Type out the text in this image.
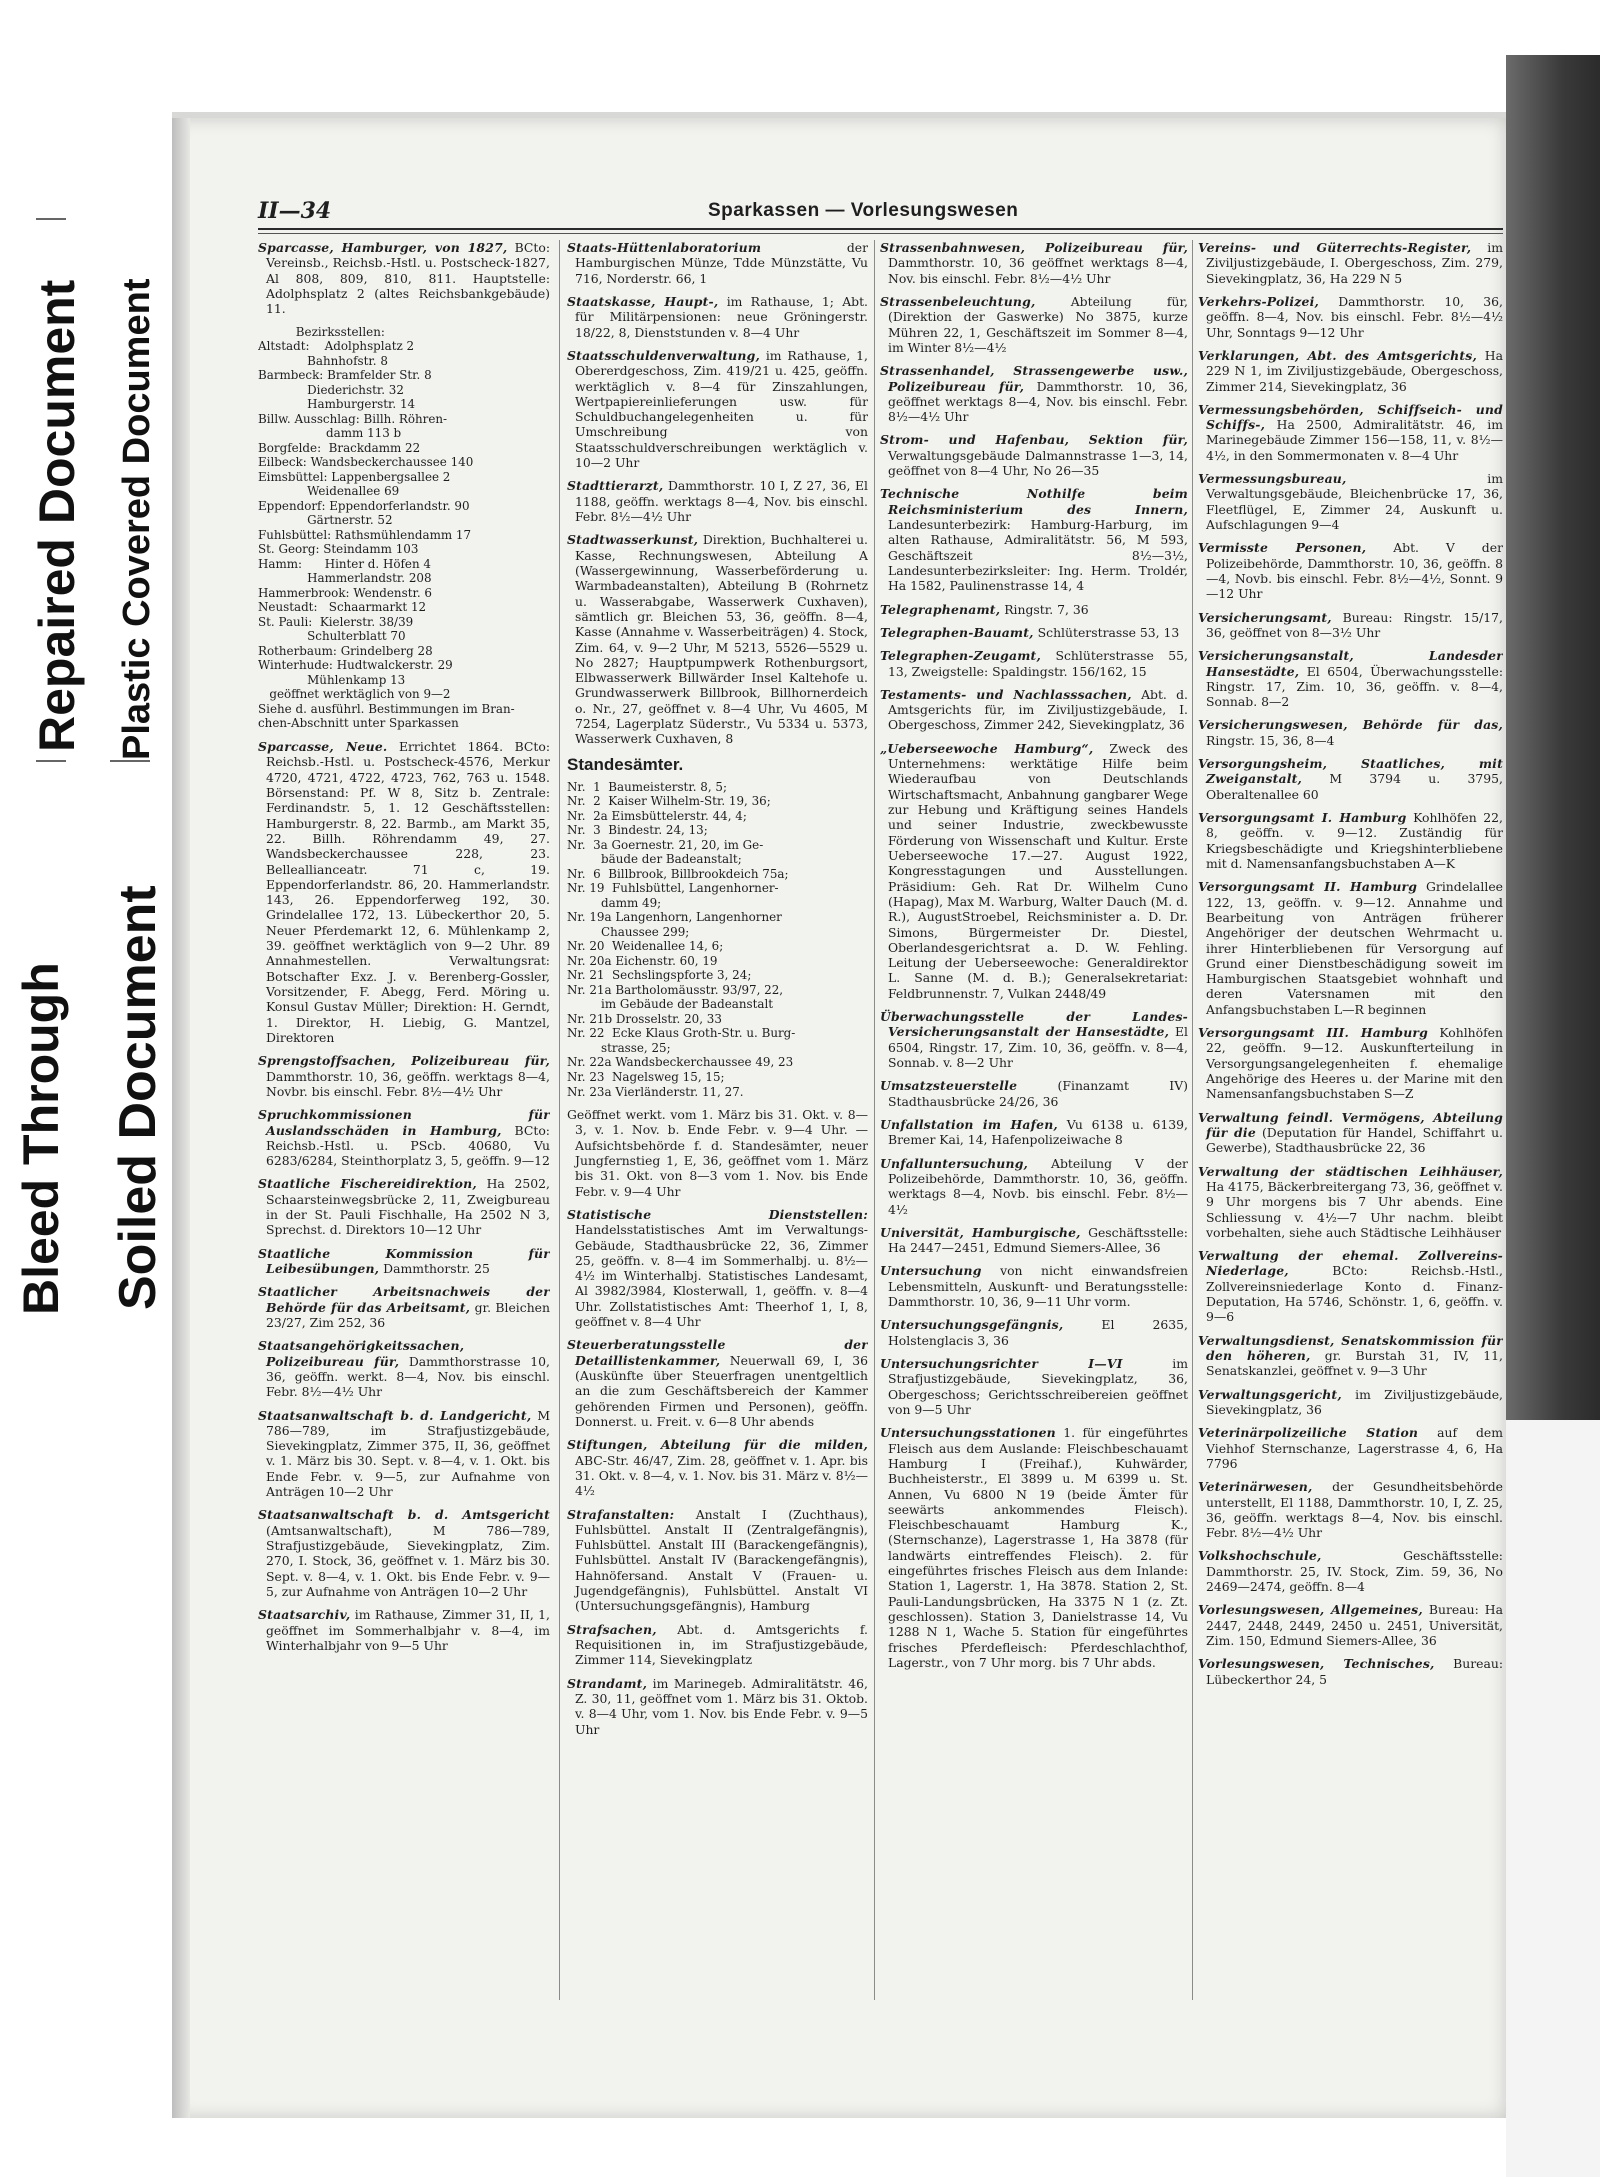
Bleed Through Soiled Document
Repaired Document Plastic Covered Document
II—34	Sparkassen — Vorlesungswesen
Sparcasse, Hamburger, von 1827, BCto: Vereinsb., Reichsb.-Hstl. u. Postscheck-1827, Al 808, 809, 810, 811. Hauptstelle: Adolphsplatz 2 (altes Reichsbankgebäude) 11.
Bezirksstellen:
Altstadt:    Adolphsplatz 2
Bahnhofstr. 8
Barmbeck: Bramfelder Str. 8
Diederichstr. 32
Hamburgerstr. 14
Billw. Ausschlag: Billh. Röhren-
damm 113 b
Borgfelde:  Brackdamm 22
Eilbeck: Wandsbeckerchaussee 140
Eimsbüttel: Lappenbergsallee 2
Weidenallee 69
Eppendorf: Eppendorferlandstr. 90
Gärtnerstr. 52
Fuhlsbüttel: Rathsmühlendamm 17
St. Georg: Steindamm 103
Hamm:      Hinter d. Höfen 4
Hammerlandstr. 208
Hammerbrook: Wendenstr. 6
Neustadt:   Schaarmarkt 12
St. Pauli:  Kielerstr. 38/39
Schulterblatt 70
Rotherbaum: Grindelberg 28
Winterhude: Hudtwalckerstr. 29
Mühlenkamp 13
geöffnet werktäglich von 9—2
Siehe d. ausführl. Bestimmungen im Bran-
chen-Abschnitt unter Sparkassen
Sparcasse, Neue. Errichtet 1864. BCto: Reichsb.-Hstl. u. Postscheck-4576, Merkur 4720, 4721, 4722, 4723, 762, 763 u. 1548. Börsenstand: Pf. W 8, Sitz b. Zentrale: Ferdinandstr. 5, 1. 12 Geschäftsstellen: Hamburgerstr. 8, 22. Barmb., am Markt 35, 22. Billh. Röhrendamm 49, 27. Wandsbeckerchaussee 228, 23. Belleallianceatr. 71 c, 19. Eppendorferlandstr. 86, 20. Hammerlandstr. 143, 26. Eppendorferweg 192, 30. Grindelallee 172, 13. Lübeckerthor 20, 5. Neuer Pferdemarkt 12, 6. Mühlenkamp 2, 39. geöffnet werktäglich von 9—2 Uhr. 89 Annahmestellen. Verwaltungsrat: Botschafter Exz. J. v. Berenberg-Gossler, Vorsitzender, F. Abegg, Ferd. Möring u. Konsul Gustav Müller; Direktion: H. Gerndt, 1. Direktor, H. Liebig, G. Mantzel, Direktoren
Sprengstoffsachen, Polizeibureau für, Dammthorstr. 10, 36, geöffn. werktags 8—4, Novbr. bis einschl. Febr. 8½—4½ Uhr
Spruchkommissionen für Auslandsschäden in Hamburg, BCto: Reichsb.-Hstl. u. PScb. 40680, Vu 6283/6284, Steinthorplatz 3, 5, geöffn. 9—12
Staatliche Fischereidirektion, Ha 2502, Schaarsteinwegsbrücke 2, 11, Zweigbureau in der St. Pauli Fischhalle, Ha 2502 N 3, Sprechst. d. Direktors 10—12 Uhr
Staatliche Kommission für Leibesübungen, Dammthorstr. 25
Staatlicher Arbeitsnachweis der Behörde für das Arbeitsamt, gr. Bleichen 23/27, Zim 252, 36
Staatsangehörigkeitssachen, Polizeibureau für, Dammthorstrasse 10, 36, geöffn. werkt. 8—4, Nov. bis einschl. Febr. 8½—4½ Uhr
Staatsanwaltschaft b. d. Landgericht, M 786—789, im Strafjustizgebäude, Sievekingplatz, Zimmer 375, II, 36, geöffnet v. 1. März bis 30. Sept. v. 8—4, v. 1. Okt. bis Ende Febr. v. 9—5, zur Aufnahme von Anträgen 10—2 Uhr
Staatsanwaltschaft b. d. Amtsgericht (Amtsanwaltschaft), M 786—789, Strafjustizgebäude, Sievekingplatz, Zim. 270, I. Stock, 36, geöffnet v. 1. März bis 30. Sept. v. 8—4, v. 1. Okt. bis Ende Febr. v. 9—5, zur Aufnahme von Anträgen 10—2 Uhr
Staatsarchiv, im Rathause, Zimmer 31, II, 1, geöffnet im Sommerhalbjahr v. 8—4, im Winterhalbjahr von 9—5 Uhr
Staats-Hüttenlaboratorium	der Hamburgischen Münze, Tdde Münzstätte, Vu 716, Norderstr. 66, 1
Staatskasse, Haupt-, im Rathause, 1; Abt. für Militärpensionen: neue Gröningerstr. 18/22, 8, Dienststunden v. 8—4 Uhr
Staatsschuldenverwaltung, im Rathause, 1, Obererdgeschoss, Zim. 419/21 u. 425, geöffn. werktäglich v. 8—4 für Zinszahlungen, Wertpapiereinlieferungen usw. für Schuldbuchangelegenheiten u. für Umschreibung von Staatsschuldverschreibungen werktäglich v. 10—2 Uhr
Stadttierarzt, Dammthorstr. 10 I, Z 27, 36, El 1188, geöffn. werktags 8—4, Nov. bis einschl. Febr. 8½—4½ Uhr
Stadtwasserkunst, Direktion, Buchhalterei u. Kasse, Rechnungswesen, Abteilung A (Wassergewinnung, Wasserbeförderung u. Warmbadeanstalten), Abteilung B (Rohrnetz u. Wasserabgabe, Wasserwerk Cuxhaven), sämtlich gr. Bleichen 53, 36, geöffn. 8—4, Kasse (Annahme v. Wasserbeiträgen) 4. Stock, Zim. 64, v. 9—2 Uhr, M 5213, 5526—5529 u. No 2827; Hauptpumpwerk Rothenburgsort, Elbwasserwerk Billwärder Insel Kaltehofe u. Grundwasserwerk Billbrook, Billhornerdeich o. Nr., 27, geöffnet v. 8—4 Uhr, Vu 4605, M 7254, Lagerplatz Süderstr., Vu 5334 u. 5373, Wasserwerk Cuxhaven, 8
Standesämter.
Nr.  1  Baumeisterstr. 8, 5;
Nr.  2  Kaiser Wilhelm-Str. 19, 36;
Nr.  2a Eimsbüttelerstr. 44, 4;
Nr.  3  Bindestr. 24, 13;
Nr.  3a Goernestr. 21, 20, im Ge-
bäude der Badeanstalt;
Nr.  6  Billbrook, Billbrookdeich 75a;
Nr. 19  Fuhlsbüttel, Langenhorner-
damm 49;
Nr. 19a Langenhorn, Langenhorner
Chaussee 299;
Nr. 20  Weidenallee 14, 6;
Nr. 20a Eichenstr. 60, 19
Nr. 21  Sechslingspforte 3, 24;
Nr. 21a Bartholomäusstr. 93/97, 22,
im Gebäude der Badeanstalt
Nr. 21b Drosselstr. 20, 33
Nr. 22  Ecke Klaus Groth-Str. u. Burg-
strasse, 25;
Nr. 22a Wandsbeckerchaussee 49, 23
Nr. 23  Nagelsweg 15, 15;
Nr. 23a Vierländerstr. 11, 27.
Geöffnet werkt. vom 1. März bis 31. Okt. v. 8—3, v. 1. Nov. b. Ende Febr. v. 9—4 Uhr. — Aufsichtsbehörde f. d. Standesämter, neuer Jungfernstieg 1, E, 36, geöffnet vom 1. März bis 31. Okt. von 8—3 vom 1. Nov. bis Ende Febr. v. 9—4 Uhr
Statistische Dienststellen: Handelsstatistisches Amt im Verwaltungs-Gebäude, Stadthausbrücke 22, 36, Zimmer 25, geöffn. v. 8—4 im Sommerhalbj. u. 8½—4½ im Winterhalbj. Statistisches Landesamt, Al 3982/3984, Klosterwall, 1, geöffn. v. 8—4 Uhr. Zollstatistisches Amt: Theerhof 1, I, 8, geöffnet v. 8—4 Uhr
Steuerberatungsstelle der Detaillistenkammer, Neuerwall 69, I, 36 (Auskünfte über Steuerfragen unentgeltlich an die zum Geschäftsbereich der Kammer gehörenden Firmen und Personen), geöffn. Donnerst. u. Freit. v. 6—8 Uhr abends
Stiftungen, Abteilung für die milden, ABC-Str. 46/47, Zim. 28, geöffnet v. 1. Apr. bis 31. Okt. v. 8—4, v. 1. Nov. bis 31. März v. 8½—4½
Strafanstalten: Anstalt I (Zuchthaus), Fuhlsbüttel. Anstalt II (Zentralgefängnis), Fuhlsbüttel. Anstalt III (Barackengefängnis), Fuhlsbüttel. Anstalt IV (Barackengefängnis), Hahnöfersand. Anstalt V (Frauen- u. Jugendgefängnis), Fuhlsbüttel. Anstalt VI (Untersuchungsgefängnis), Hamburg
Strafsachen, Abt. d. Amtsgerichts f. Requisitionen in, im Strafjustizgebäude, Zimmer 114, Sievekingplatz
Strandamt, im Marinegeb. Admiralitätstr. 46, Z. 30, 11, geöffnet vom 1. März bis 31. Oktob. v. 8—4 Uhr, vom 1. Nov. bis Ende Febr. v. 9—5 Uhr
Strassenbahnwesen, Polizeibureau für, Dammthorstr. 10, 36 geöffnet werktags 8—4, Nov. bis einschl. Febr. 8½—4½ Uhr
Strassenbeleuchtung,	Abteilung für, (Direktion der Gaswerke) No 3875, kurze Mühren 22, 1, Geschäftszeit im Sommer 8—4, im Winter 8½—4½
Strassenhandel, Strassengewerbe usw., Polizeibureau für, Dammthorstr. 10, 36, geöffnet werktags 8—4, Nov. bis einschl. Febr. 8½—4½ Uhr
Strom- und Hafenbau, Sektion für, Verwaltungsgebäude Dalmannstrasse 1—3, 14, geöffnet von 8—4 Uhr, No 26—35
Technische Nothilfe beim Reichsministerium des Innern, Landesunterbezirk: Hamburg-Harburg, im alten Rathause, Admiralitätstr. 56, M 593, Geschäftszeit 8½—3½, Landesunterbezirksleiter: Ing. Herm. Troldér, Ha 1582, Paulinenstrasse 14, 4
Telegraphenamt, Ringstr. 7, 36
Telegraphen-Bauamt, Schlüterstrasse 53, 13
Telegraphen-Zeugamt, Schlüterstrasse 55, 13, Zweigstelle: Spaldingstr. 156/162, 15
Testaments- und Nachlasssachen, Abt. d. Amtsgerichts für, im Ziviljustizgebäude, I. Obergeschoss, Zimmer 242, Sievekingplatz, 36
„Ueberseewoche Hamburg“, Zweck des Unternehmens: werktätige Hilfe beim Wiederaufbau von Deutschlands Wirtschaftsmacht, Anbahnung gangbarer Wege zur Hebung und Kräftigung seines Handels und seiner Industrie, zweckbewusste Förderung von Wissenschaft und Kultur. Erste Ueberseewoche 17.—27. August 1922, Kongresstagungen und Ausstellungen. Präsidium: Geh. Rat Dr. Wilhelm Cuno (Hapag), Max M. Warburg, Walter Dauch (M. d. R.), AugustStroebel, Reichsminister a. D. Dr. Simons, Bürgermeister Dr. Diestel, Oberlandesgerichtsrat a. D. W. Fehling. Leitung der Ueberseewoche: Generaldirektor L. Sanne (M. d. B.); Generalsekretariat: Feldbrunnenstr. 7, Vulkan 2448/49
Überwachungsstelle der Landes-Versicherungsanstalt der Hansestädte, El 6504, Ringstr. 17, Zim. 10, 36, geöffn. v. 8—4, Sonnab. v. 8—2 Uhr
Umsatzsteuerstelle	(Finanzamt IV) Stadthausbrücke 24/26, 36
Unfallstation im Hafen, Vu 6138 u. 6139, Bremer Kai, 14, Hafenpolizeiwache 8
Unfalluntersuchung, Abteilung V der Polizeibehörde, Dammthorstr. 10, 36, geöffn. werktags 8—4, Novb. bis einschl. Febr. 8½—4½
Universität, Hamburgische, Geschäftsstelle: Ha 2447—2451, Edmund Siemers-Allee, 36
Untersuchung von nicht einwandsfreien Lebensmitteln, Auskunft- und Beratungsstelle: Dammthorstr. 10, 36, 9—11 Uhr vorm.
Untersuchungsgefängnis,	El 2635, Holstenglacis 3, 36
Untersuchungsrichter I—VI	im Strafjustizgebäude, Sievekingplatz, 36, Obergeschoss; Gerichtsschreibereien geöffnet von 9—5 Uhr
Untersuchungsstationen 1. für eingeführtes Fleisch aus dem Auslande: Fleischbeschauamt Hamburg I (Freihaf.), Kuhwärder, Buchheisterstr., El 3899 u. M 6399 u. St. Annen, Vu 6800 N 19 (beide Ämter für seewärts ankommendes Fleisch). Fleischbeschauamt Hamburg K., (Sternschanze), Lagerstrasse 1, Ha 3878 (für landwärts eintreffendes Fleisch). 2. für eingeführtes frisches Fleisch aus dem Inlande: Station 1, Lagerstr. 1, Ha 3878. Station 2, St. Pauli-Landungsbrücken, Ha 3375 N 1 (z. Zt. geschlossen). Station 3, Danielstrasse 14, Vu 1288 N 1, Wache 5. Station für eingeführtes frisches Pferdefleisch: Pferdeschlachthof, Lagerstr., von 7 Uhr morg. bis 7 Uhr abds.
Vereins- und Güterrechts-Register, im Ziviljustizgebäude, I. Obergeschoss, Zim. 279, Sievekingplatz, 36, Ha 229 N 5
Verkehrs-Polizei, Dammthorstr. 10, 36, geöffn. 8—4, Nov. bis einschl. Febr. 8½—4½ Uhr, Sonntags 9—12 Uhr
Verklarungen, Abt. des Amtsgerichts, Ha 229 N 1, im Ziviljustizgebäude, Obergeschoss, Zimmer 214, Sievekingplatz, 36
Vermessungsbehörden, Schiffseich- und Schiffs-, Ha 2500, Admiralitätstr. 46, im Marinegebäude Zimmer 156—158, 11, v. 8½—4½, in den Sommermonaten v. 8—4 Uhr
Vermessungsbureau,	im Verwaltungsgebäude, Bleichenbrücke 17, 36, Fleetflügel, E, Zimmer 24, Auskunft u. Aufschlagungen 9—4
Vermisste Personen, Abt. V der Polizeibehörde, Dammthorstr. 10, 36, geöffn. 8—4, Novb. bis einschl. Febr. 8½—4½, Sonnt. 9—12 Uhr
Versicherungsamt, Bureau: Ringstr. 15/17, 36, geöffnet von 8—3½ Uhr
Versicherungsanstalt, Landesder Hansestädte, El 6504, Überwachungsstelle: Ringstr. 17, Zim. 10, 36, geöffn. v. 8—4, Sonnab. 8—2
Versicherungswesen, Behörde für das, Ringstr. 15, 36, 8—4
Versorgungsheim, Staatliches, mit Zweiganstalt, M 3794 u. 3795, Oberaltenallee 60
Versorgungsamt I. Hamburg Kohlhöfen 22, 8, geöffn. v. 9—12. Zuständig für Kriegsbeschädigte und Kriegshinterbliebene mit d. Namensanfangsbuchstaben A—K
Versorgungsamt II. Hamburg Grindelallee 122, 13, geöffn. v. 9—12. Annahme und Bearbeitung von Anträgen früherer Angehöriger der deutschen Wehrmacht u. ihrer Hinterbliebenen für Versorgung auf Grund einer Dienstbeschädigung soweit im Hamburgischen Staatsgebiet wohnhaft und deren Vatersnamen mit den Anfangsbuchstaben L—R beginnen
Versorgungsamt III. Hamburg Kohlhöfen 22, geöffn. 9—12. Auskunfterteilung in Versorgungsangelegenheiten f. ehemalige Angehörige des Heeres u. der Marine mit den Namensanfangsbuchstaben S—Z
Verwaltung feindl. Vermögens, Abteilung für die (Deputation für Handel, Schiffahrt u. Gewerbe), Stadthausbrücke 22, 36
Verwaltung der städtischen Leihhäuser, Ha 4175, Bäckerbreitergang 73, 36, geöffnet v. 9 Uhr morgens bis 7 Uhr abends. Eine Schliessung v. 4½—7 Uhr nachm. bleibt vorbehalten, siehe auch Städtische Leihhäuser
Verwaltung der ehemal. Zollvereins-Niederlage,	BCto: Reichsb.-Hstl., Zollvereinsniederlage Konto d. Finanz-Deputation, Ha 5746, Schönstr. 1, 6, geöffn. v. 9—6
Verwaltungsdienst, Senatskommission für den höheren, gr. Burstah 31, IV, 11, Senatskanzlei, geöffnet v. 9—3 Uhr
Verwaltungsgericht, im Ziviljustizgebäude, Sievekingplatz, 36
Veterinärpolizeiliche Station auf dem Viehhof Sternschanze, Lagerstrasse 4, 6, Ha 7796
Veterinärwesen, der Gesundheitsbehörde unterstellt, El 1188, Dammthorstr. 10, I, Z. 25, 36, geöffn. werktags 8—4, Nov. bis einschl. Febr. 8½—4½ Uhr
Volkshochschule,	Geschäftsstelle: Dammthorstr. 25, IV. Stock, Zim. 59, 36, No 2469—2474, geöffn. 8—4
Vorlesungswesen, Allgemeines, Bureau: Ha 2447, 2448, 2449, 2450 u. 2451, Universität, Zim. 150, Edmund Siemers-Allee, 36
Vorlesungswesen, Technisches, Bureau: Lübeckerthor 24, 5
